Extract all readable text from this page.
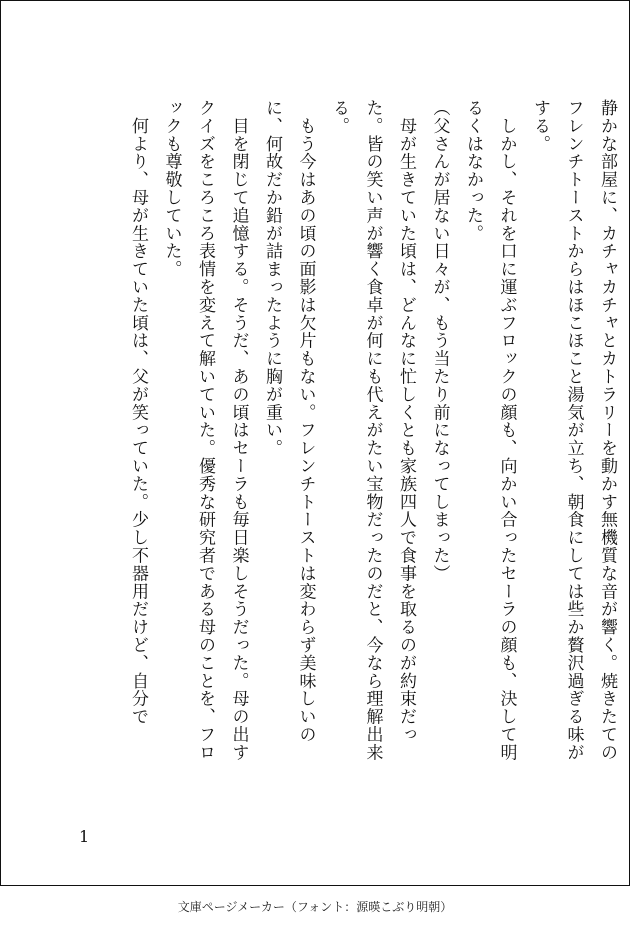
静かな部屋に、カチャカチャとカトラリーを動かす無機質な音が響く。焼きたてのフレンチトーストからはほこほこと湯気が立ち、朝食にしては些か贅沢過ぎる味がする。

　しかし、それを口に運ぶフロックの顔も、向かい合ったセーラの顔も、決して明るくはなかった。

（父さんが居ない日々が、もう当たり前になってしまった）

　母が生きていた頃は、どんなに忙しくとも家族四人で食事を取るのが約束だった。皆の笑い声が響く食卓が何にも代えがたい宝物だったのだと、今なら理解出来る。

　もう今はあの頃の面影は欠片もない。フレンチトーストは変わらず美味しいのに、何故だか鉛が詰まったように胸が重い。

　目を閉じて追憶する。そうだ、あの頃はセーラも毎日楽しそうだった。母の出すクイズをころころ表情を変えて解いていた。優秀な研究者である母のことを、フロックも尊敬していた。

　何より、母が生きていた頃は、父が笑っていた。少し不器用だけど、自分で

1
文庫ページメーカー（フォント：源暎こぶり明朝）
